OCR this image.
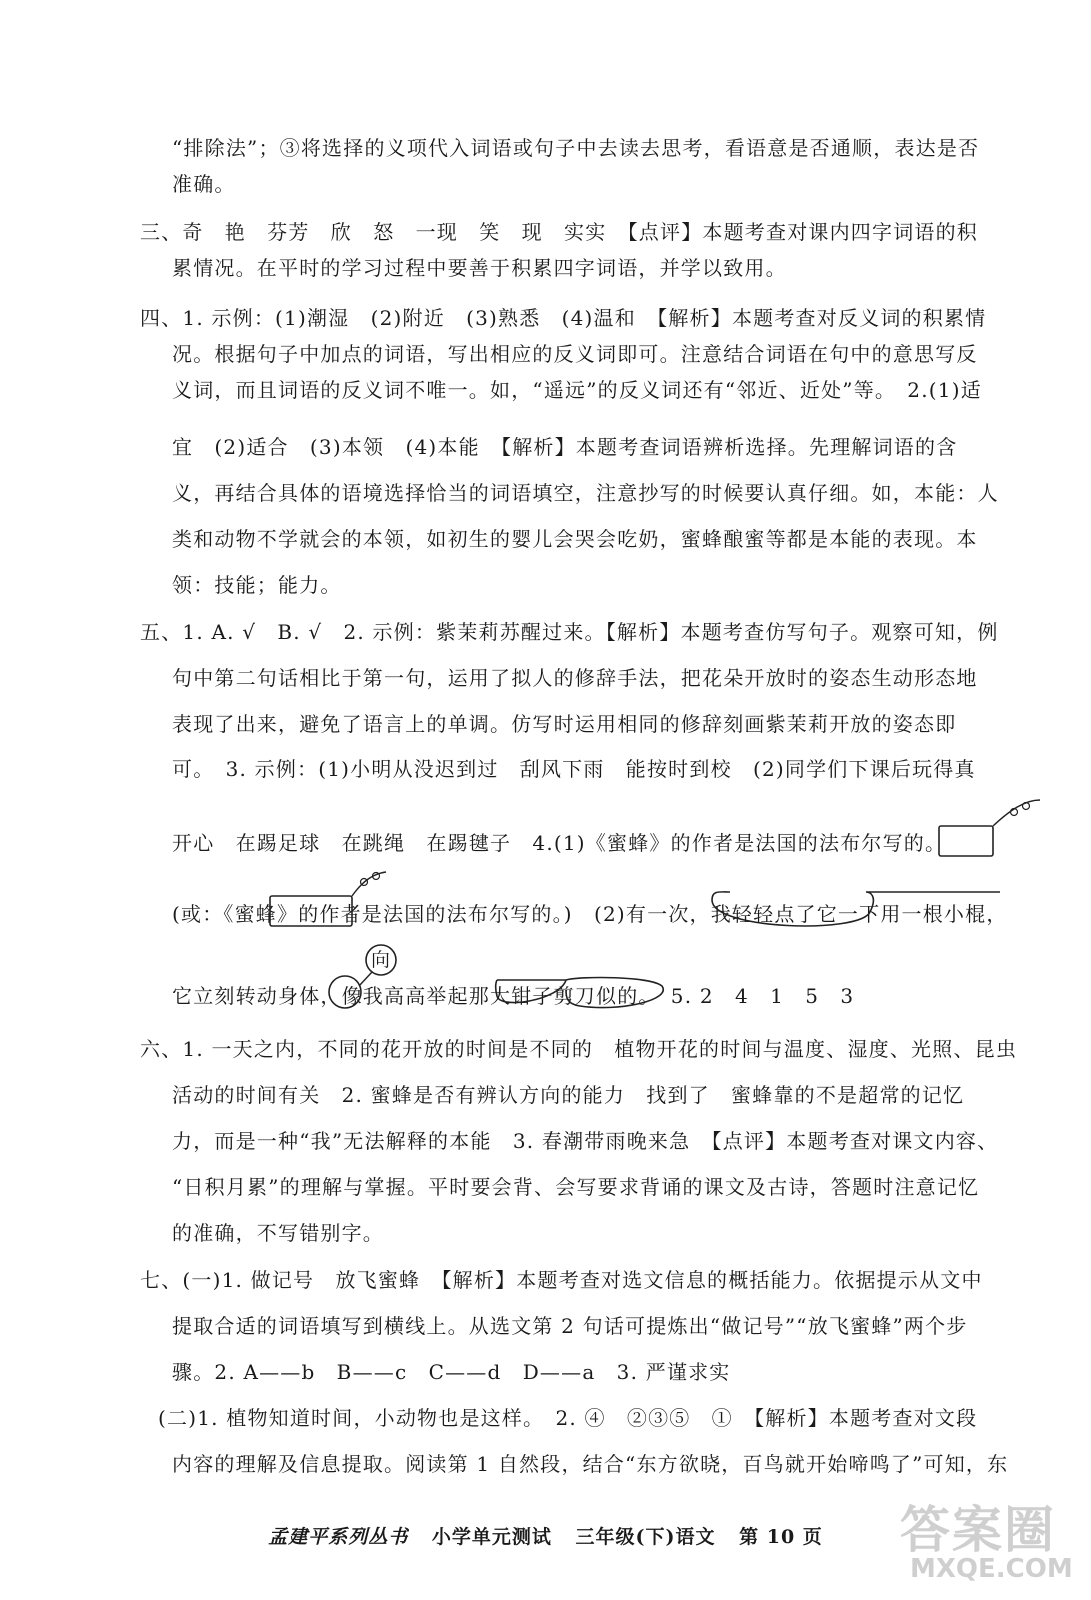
“排除法”；③将选择的义项代入词语或句子中去读去思考，看语意是否通顺，表达是否
准确。
三、奇　艳　芬芳　欣　怒　一现　笑　现　实实　【点评】本题考查对课内四字词语的积
累情况。在平时的学习过程中要善于积累四字词语，并学以致用。
四、1. 示例：(1)潮湿　(2)附近　(3)熟悉　(4)温和　【解析】本题考查对反义词的积累情
况。根据句子中加点的词语，写出相应的反义词即可。注意结合词语在句中的意思写反
义词，而且词语的反义词不唯一。如，“遥远”的反义词还有“邻近、近处”等。　2.(1)适
宜　(2)适合　(3)本领　(4)本能　【解析】本题考查词语辨析选择。先理解词语的含
义，再结合具体的语境选择恰当的词语填空，注意抄写的时候要认真仔细。如，本能：人
类和动物不学就会的本领，如初生的婴儿会哭会吃奶，蜜蜂酿蜜等都是本能的表现。本
领：技能；能力。
五、1. A. √　B. √　2. 示例：紫茉莉苏醒过来。【解析】本题考查仿写句子。观察可知，例
句中第二句话相比于第一句，运用了拟人的修辞手法，把花朵开放时的姿态生动形态地
表现了出来，避免了语言上的单调。仿写时运用相同的修辞刻画紫茉莉开放的姿态即
可。　3. 示例：(1)小明从没迟到过　刮风下雨　能按时到校　(2)同学们下课后玩得真
开心　在踢足球　在跳绳　在踢毽子　4.(1)《蜜蜂》的作者是法国的法布尔写的。
(或：《蜜蜂》的作者是法国的法布尔写的。)　(2)有一次，我轻轻点了它一下用一根小棍，
它立刻转动身体，像我高高举起那大钳子剪刀似的。　5. 2　4　1　5　3
六、1. 一天之内，不同的花开放的时间是不同的　植物开花的时间与温度、湿度、光照、昆虫
活动的时间有关　2. 蜜蜂是否有辨认方向的能力　找到了　蜜蜂靠的不是超常的记忆
力，而是一种“我”无法解释的本能　3. 春潮带雨晚来急　【点评】本题考查对课文内容、
“日积月累”的理解与掌握。平时要会背、会写要求背诵的课文及古诗，答题时注意记忆
的准确，不写错别字。
七、(一)1. 做记号　放飞蜜蜂　【解析】本题考查对选文信息的概括能力。依据提示从文中
提取合适的词语填写到横线上。从选文第 2 句话可提炼出“做记号”“放飞蜜蜂”两个步
骤。2. A——b　B——c　C——d　D——a　3. 严谨求实
(二)1. 植物知道时间，小动物也是这样。　2. ④　②③⑤　①　【解析】本题考查对文段
内容的理解及信息提取。阅读第 1 自然段，结合“东方欲晓，百鸟就开始啼鸣了”可知，东
向
孟建平系列丛书 小学单元测试 三年级(下)语文 第 10 页	答案圈
MXQE.COM
